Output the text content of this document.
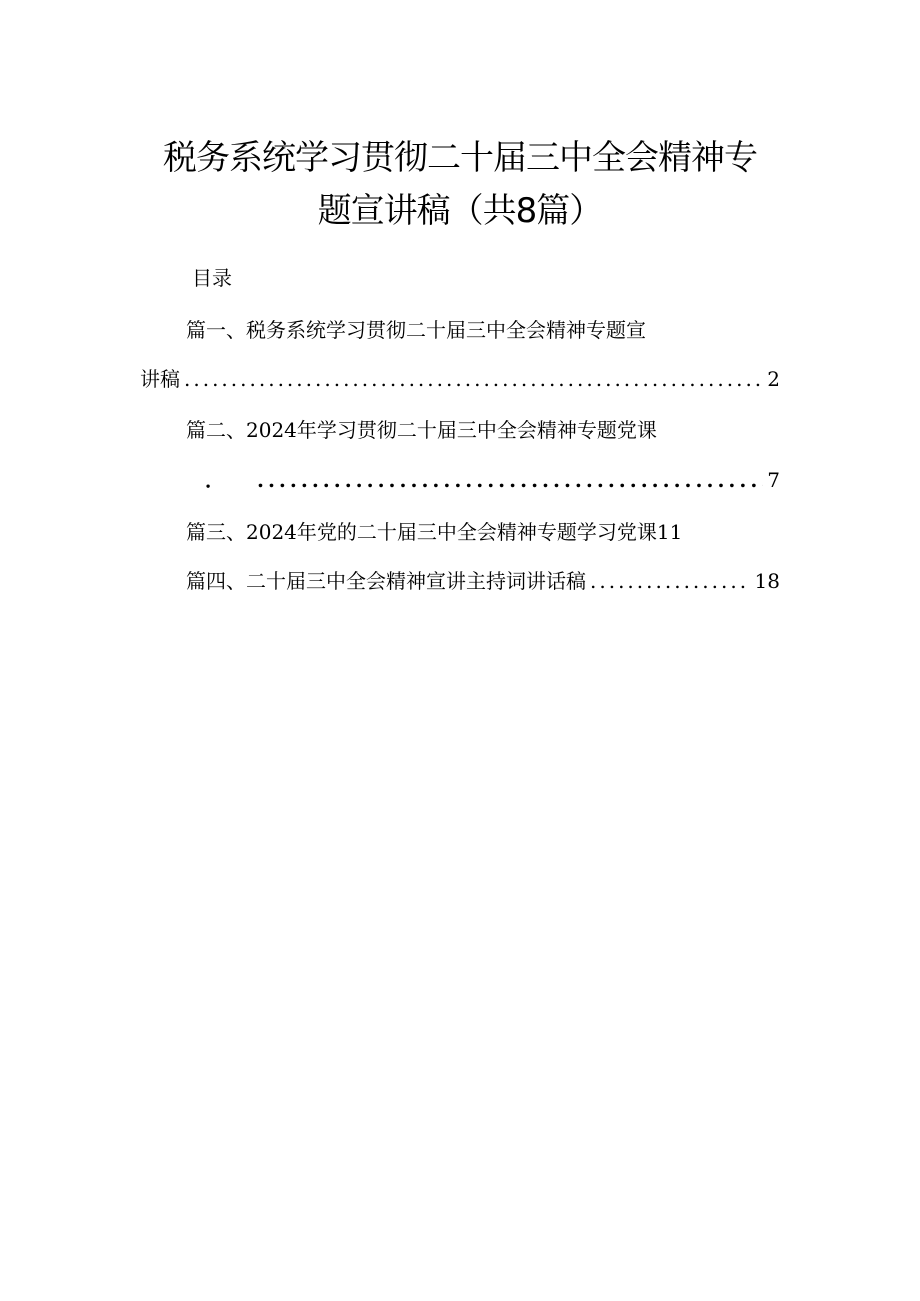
税务系统学习贯彻二十届三中全会精神专
题宣讲稿（共8篇）
目录
篇一、税务系统学习贯彻二十届三中全会精神专题宣
讲稿 .....	2
篇二、2024年学习贯彻二十届三中全会精神专题党课
． .....	7
篇三、2024年党的二十届三中全会精神专题学习党课11
篇四、二十届三中全会精神宣讲主持词讲话稿 .....	18
